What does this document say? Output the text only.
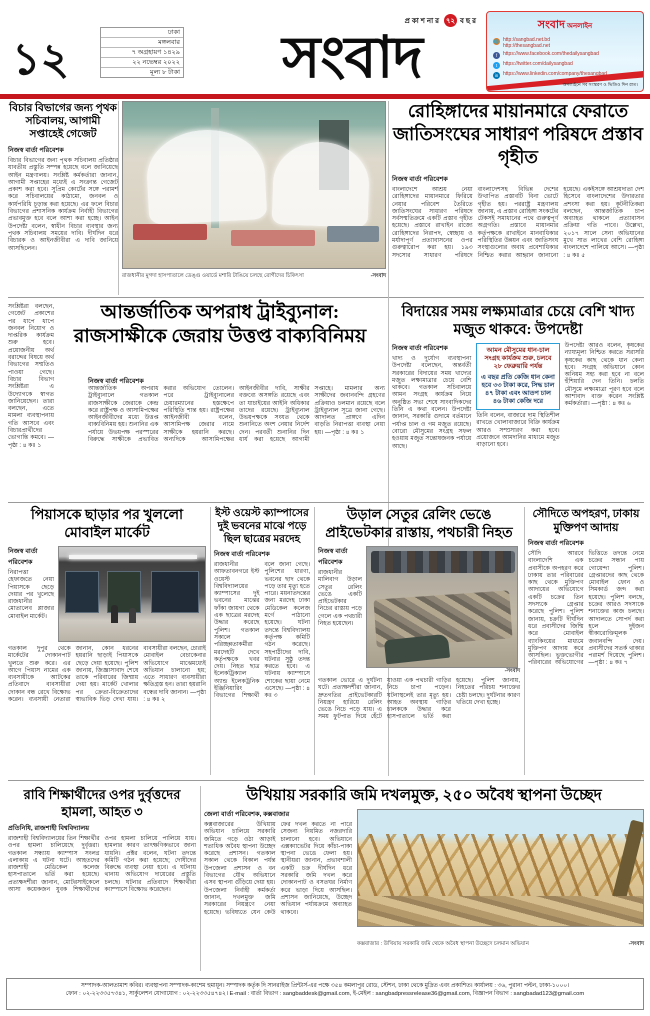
১২
ঢাকা
মঙ্গলবার
৭ অগ্রহায়ণ ১৪২৯
২২ নভেম্বর ২০২২
মূল্য ৮ টাকা
প্রকাশনার ৭২ বছর
সংবাদ	সংবাদ অনলাইন
🌐 http://sangbad.net.bd
http://thesangbad.net
f	https://www.facebook.com/thedailysangbad
t	https://twitter.com/dailysangbad
in https://www.linkedin.com/company/thesangbad
অনলাইনে সব সংস্করণ ও ভিডিও দিন রাত।
বিচার বিভাগের জন্য পৃথক সচিবালয়, আগামী সপ্তাহেই গেজেট
নিজস্ব বার্তা পরিবেশক
বিচার বিভাগের জন্য পৃথক সচিবালয় প্রতিষ্ঠার যাবতীয় প্রস্তুতি সম্পন্ন হয়েছে বলে জানিয়েছে আইন মন্ত্রণালয়। সংশ্লিষ্ট কর্মকর্তারা জানান, আগামী সপ্তাহের মধ্যেই এ সংক্রান্ত গেজেট প্রকাশ করা হবে। সুপ্রিম কোর্টের সঙ্গে পরামর্শ করে সচিবালয়ের কাঠামো, জনবল ও কার্যপরিধি চূড়ান্ত করা হয়েছে। এর ফলে বিচার বিভাগের প্রশাসনিক কার্যক্রম নির্বাহী বিভাগের প্রভাবমুক্ত হবে বলে আশা করা হচ্ছে। আইন উপদেষ্টা বলেন, স্বাধীন বিচার ব্যবস্থার জন্য পৃথক সচিবালয় সময়ের দাবি। দীর্ঘদিন ধরে বিচারক ও আইনজীবীরা এ দাবি জানিয়ে আসছিলেন।
সংশ্লিষ্টরা বলছেন, গেজেট প্রকাশের পর ধাপে ধাপে জনবল নিয়োগ ও দাপ্তরিক কার্যক্রম শুরু হবে। প্রয়োজনীয় অর্থ বরাদ্দের বিষয়ে অর্থ বিভাগের সম্মতিও পাওয়া গেছে। বিচার বিভাগ সংশ্লিষ্টরা এ উদ্যোগকে স্বাগত জানিয়েছেন। তারা বলছেন, এতে মামলা ব্যবস্থাপনায় গতি আসবে এবং বিচারপ্রার্থীদের ভোগান্তি কমবে। —পৃষ্ঠা : ৪ কঃ ১
রাজধানীর মুগদা হাসপাতালে ডেঙ্গু ওয়ার্ডে মশারি টাঙিয়ে চলছে রোগীদের চিকিৎসা	-সংবাদ
রোহিঙ্গাদের মায়ানমারে ফেরাতে জাতিসংঘের সাধারণ পরিষদে প্রস্তাব গৃহীত
নিজস্ব বার্তা পরিবেশক
বাংলাদেশে আশ্রয় নেয়া রোহিঙ্গাদের মায়ানমারে ফিরিয়ে নেয়ার পরিবেশ তৈরিতে জাতিসংঘের সাধারণ পরিষদে সর্বসম্মতিক্রমে একটি প্রস্তাব গৃহীত হয়েছে। প্রস্তাবে রাখাইন রাজ্যে রোহিঙ্গাদের নিরাপদ, স্বেচ্ছায় ও মর্যাদাপূর্ণ প্রত্যাবাসনের ওপর গুরুত্বারোপ করা হয়। ১৯৩ সদস্যের সাধারণ পরিষদে বাংলাদেশসহ বিভিন্ন দেশের উত্থাপিত প্রস্তাবটি বিনা ভোটে গৃহীত হয়। পররাষ্ট্র মন্ত্রণালয় জানায়, এ প্রস্তাব রোহিঙ্গা সংকটের টেকসই সমাধানের পথে গুরুত্বপূর্ণ অগ্রগতি। প্রস্তাবে মায়ানমার কর্তৃপক্ষকে রাখাইনে মানবাধিকার পরিস্থিতির উন্নয়ন এবং জাতিসংঘ সংস্থাগুলোর অবাধ প্রবেশাধিকার নিশ্চিত করার আহ্বান জানানো হয়েছে। একইসঙ্গে আশ্রয়দাতা দেশ হিসেবে বাংলাদেশের উদারতার প্রশংসা করা হয়। কূটনীতিকরা বলছেন, আন্তর্জাতিক চাপ অব্যাহত থাকলে প্রত্যাবাসন প্রক্রিয়া গতি পাবে। উল্লেখ্য, ২০১৭ সালে সেনা অভিযানের মুখে সাত লাখের বেশি রোহিঙ্গা বাংলাদেশে পালিয়ে আসে। —পৃষ্ঠা : ৪ কঃ ৫
আন্তর্জাতিক অপরাধ ট্রাইব্যুনাল: রাজসাক্ষীকে জেরায় উত্তপ্ত বাক্যবিনিময়
নিজস্ব বার্তা পরিবেশক
আন্তর্জাতিক অপরাধ ট্রাইব্যুনালে গতকাল রাজসাক্ষীকে জেরাকে কেন্দ্র করে রাষ্ট্রপক্ষ ও আসামিপক্ষের আইনজীবীদের মধ্যে উত্তপ্ত বাক্যবিনিময় হয়। শুনানির এক পর্যায়ে উভয়পক্ষ পরস্পরের বিরুদ্ধে সাক্ষীকে প্রভাবিত করার অভিযোগ তোলেন। পরে ট্রাইব্যুনালের চেয়ারম্যানের হস্তক্ষেপে পরিস্থিতি শান্ত হয়। রাষ্ট্রপক্ষের আইনজীবী বলেন, আসামিপক্ষ জেরার নামে সাক্ষীকে হয়রানি করছে। অন্যদিকে আসামিপক্ষের আইনজীবীর দাবি, সাক্ষীর বক্তব্যে অসঙ্গতি রয়েছে এবং তা যাচাইয়ের আইনি অধিকার তাদের রয়েছে। ট্রাইব্যুনাল উভয়পক্ষকে সংযত থেকে শুনানিতে অংশ নেয়ার নির্দেশ দেন। পরবর্তী শুনানির দিন ধার্য করা হয়েছে আগামী সপ্তাহে। মামলার অন্য সাক্ষীদের জবানবন্দি গ্রহণের প্রক্রিয়াও চলমান রয়েছে বলে ট্রাইব্যুনাল সূত্রে জানা গেছে। আদালত প্রাঙ্গণে এদিন বাড়তি নিরাপত্তা ব্যবস্থা নেয়া হয়। —পৃষ্ঠা : ৪ কঃ ১
বিদায়ের সময় লক্ষ্যমাত্রার চেয়ে বেশি খাদ্য মজুত থাকবে: উপদেষ্টা
নিজস্ব বার্তা পরিবেশক
খাদ্য ও দুর্যোগ ব্যবস্থাপনা উপদেষ্টা বলেছেন, অন্তর্বর্তী সরকারের বিদায়ের সময় খাদ্যের মজুত লক্ষ্যমাত্রার চেয়ে বেশি থাকবে। গতকাল সচিবালয়ে আমন সংগ্রহ কার্যক্রম নিয়ে অনুষ্ঠিত সভা শেষে সাংবাদিকদের তিনি এ কথা বলেন। উপদেষ্টা জানান, সরকারি গুদামে বর্তমানে পর্যাপ্ত চাল ও গম মজুত রয়েছে। বোরো মৌসুমের সংগ্রহ সফল হওয়ায় মজুত সন্তোষজনক পর্যায়ে আছে।
আমন মৌসুমের ধান-চাল সংগ্রহ কার্যক্রম শুরু, চলবে ২৮ ফেব্রুয়ারি পর্যন্ত
এ বছর প্রতি কেজি ধান কেনা হবে ৩৩ টাকা করে, সিদ্ধ চাল ৪৭ টাকা এবং আতপ চাল ৪৬ টাকা কেজি দরে
তিনি বলেন, বাজারে দাম স্থিতিশীল রাখতে খোলাবাজারে বিক্রি কার্যক্রম আরও সম্প্রসারণ করা হবে। প্রয়োজনে আমদানির মাধ্যমে মজুত বাড়ানো হবে।
উপদেষ্টা আরও বলেন, কৃষকের ন্যায্যমূল্য নিশ্চিত করতে সরাসরি কৃষকের কাছ থেকে ধান কেনা হবে। সংগ্রহ অভিযানে কোন অনিয়ম সহ্য করা হবে না বলে হুঁশিয়ারি দেন তিনি। চলতি মৌসুমে লক্ষ্যমাত্রা পূরণ হবে বলে আশাবাদ ব্যক্ত করেন সংশ্লিষ্ট কর্মকর্তারা। —পৃষ্ঠা : ৪ কঃ ৬
পিয়াসকে ছাড়ার পর খুললো মোবাইল মার্কেট
নিজস্ব বার্তা পরিবেশক
নিরাপত্তা হেফাজতে নেয়া পিয়াসকে ছেড়ে দেয়ার পর খুলেছে রাজধানীর মোতালেব প্লাজার মোবাইল মার্কেট।
গতকাল দুপুর থেকে মার্কেটের দোকানপাট খুলতে শুরু করে। এর আগে পিয়াস নামের এক ব্যবসায়ীকে আটকের প্রতিবাদে ব্যবসায়ীরা দোকান বন্ধ রেখে বিক্ষোভ করেন। ব্যবসায়ী নেতারা জানান, কোন ধরনের হয়রানি ছাড়াই পিয়াসকে ছেড়ে দেয়া হয়েছে। পুলিশ জানায়, জিজ্ঞাসাবাদ শেষে তাকে পরিবারের জিম্মায় দেয়া হয়। মার্কেট খোলার পর ক্রেতা-বিক্রেতাদের স্বাভাবিক ভিড় দেখা যায়। ব্যবসায়ীরা বলছেন, চোরাই মোবাইল বেচাকেনার অভিযোগে মাঝেমধ্যেই অভিযান চালানো হয়; এতে সাধারণ ব্যবসায়ীরা ক্ষতিগ্রস্ত হন। তারা হয়রানি বন্ধের দাবি জানান। —পৃষ্ঠা : ৪ কঃ ২
ইস্ট ওয়েস্ট ক্যাম্পাসের দুই ভবনের মাঝে পড়ে ছিল ছাত্রের মরদেহ
নিজস্ব বার্তা পরিবেশক
রাজধানীর আফতাবনগরে ইস্ট ওয়েস্ট বিশ্ববিদ্যালয়ের ক্যাম্পাসের দুই ভবনের মাঝের ফাঁকা জায়গা থেকে এক ছাত্রের মরদেহ উদ্ধার করেছে পুলিশ। গতকাল সকালে পরিচ্ছন্নতাকর্মীরা মরদেহটি দেখে কর্তৃপক্ষকে খবর দেয়। নিহত ছাত্র ইলেকট্রিক্যাল অ্যান্ড ইলেকট্রনিক ইঞ্জিনিয়ারিং বিভাগের শিক্ষার্থী বলে জানা গেছে। পুলিশের ধারণা, ভবনের ছাদ থেকে পড়ে তার মৃত্যু হতে পারে। ময়নাতদন্তের জন্য মরদেহ ঢাকা মেডিকেল কলেজ মর্গে পাঠানো হয়েছে। ঘটনা তদন্তে বিশ্ববিদ্যালয় কর্তৃপক্ষ কমিটি গঠন করেছে। সহপাঠীদের দাবি, ঘটনার সুষ্ঠু তদন্ত করতে হবে। এ ঘটনায় ক্যাম্পাসে শোকের ছায়া নেমে এসেছে। —পৃষ্ঠা : ৪ কঃ ৩
উড়াল সেতুর রেলিং ভেঙে প্রাইভেটকার রাস্তায়, পথচারী নিহত
নিজস্ব বার্তা পরিবেশক
রাজধানীর মালিবাগ উড়াল সেতুর রেলিং ভেঙে একটি প্রাইভেটকার নিচের রাস্তায় পড়ে গেলে এক পথচারী নিহত হয়েছেন।
-সংবাদ
গতকাল ভোরে এ দুর্ঘটনা ঘটে। প্রত্যক্ষদর্শীরা জানান, দ্রুতগতির প্রাইভেটকারটি নিয়ন্ত্রণ হারিয়ে রেলিং ভেঙে নিচে পড়ে যায়। এ সময় ফুটপাত দিয়ে হেঁটে যাওয়া এক পথচারী গাড়ির নিচে চাপা পড়েন। ঘটনাস্থলেই তার মৃত্যু হয়। আহত অবস্থায় গাড়ির চালককে উদ্ধার করে হাসপাতালে ভর্তি করা হয়েছে। পুলিশ জানায়, নিহতের পরিচয় শনাক্তের চেষ্টা চলছে। দুর্ঘটনার কারণ খতিয়ে দেখা হচ্ছে।
সৌদিতে অপহরণ, ঢাকায় মুক্তিপণ আদায়
নিজস্ব বার্তা পরিবেশক
সৌদি আরবে বাংলাদেশি এক প্রবাসীকে অপহরণ করে ঢাকায় তার পরিবারের কাছ থেকে মুক্তিপণ আদায়ের অভিযোগে একটি চক্রের তিন সদস্যকে গ্রেপ্তার করেছে পুলিশ। পুলিশ জানায়, চক্রটি দীর্ঘদিন ধরে প্রবাসীদের জিম্মি করে মোবাইল ব্যাংকিংয়ের মাধ্যমে মুক্তিপণ আদায় করে আসছিল। ভুক্তভোগীর পরিবারের অভিযোগের ভিত্তিতে তদন্তে নেমে চক্রের সন্ধান পায় গোয়েন্দা পুলিশ। গ্রেপ্তারদের কাছ থেকে মোবাইল ফোন ও সিমকার্ড জব্দ করা হয়েছে। পুলিশ বলছে, চক্রের আরও সদস্যকে শনাক্তের কাজ চলছে। আদালতে সোপর্দ করা হলে দুইজন স্বীকারোক্তিমূলক জবানবন্দি দেয়। প্রবাসীদের সতর্ক থাকার পরামর্শ দিয়েছে পুলিশ। —পৃষ্ঠা : ৪ কঃ ৭
রাবি শিক্ষার্থীদের ওপর দুর্বৃত্তদের হামলা, আহত ৩
প্রতিনিধি, রাজশাহী বিশ্ববিদ্যালয়
রাজশাহী বিশ্ববিদ্যালয়ের তিন শিক্ষার্থীর ওপর হামলা চালিয়েছে দুর্বৃত্তরা। গতকাল সন্ধ্যায় ক্যাম্পাস সংলগ্ন এলাকায় এ ঘটনা ঘটে। আহতদের রাজশাহী মেডিকেল কলেজ হাসপাতালে ভর্তি করা হয়েছে। প্রত্যক্ষদর্শীরা জানান, মোটরসাইকেলে আসা কয়েকজন যুবক শিক্ষার্থীদের ওপর হামলা চালিয়ে পালিয়ে যায়। হামলার কারণ তাৎক্ষণিকভাবে জানা যায়নি। প্রক্টর বলেন, ঘটনা তদন্তে কমিটি গঠন করা হয়েছে; দোষীদের বিরুদ্ধে ব্যবস্থা নেয়া হবে। এ ঘটনায় থানায় অভিযোগ দায়েরের প্রস্তুতি চলছে। ঘটনার প্রতিবাদে শিক্ষার্থীরা ক্যাম্পাসে বিক্ষোভ করেছেন।
উখিয়ায় সরকারি জমি দখলমুক্ত, ২৫০ অবৈধ স্থাপনা উচ্ছেদ
জেলা বার্তা পরিবেশক, কক্সবাজার
কক্সবাজারের উখিয়ায় অভিযান চালিয়ে সরকারি জমিতে গড়ে ওঠা আড়াই শতাধিক অবৈধ স্থাপনা উচ্ছেদ করেছে প্রশাসন। গতকাল সকাল থেকে বিকাল পর্যন্ত উপজেলা প্রশাসন ও বন বিভাগের যৌথ অভিযানে এসব স্থাপনা গুঁড়িয়ে দেয়া হয়। উপজেলা নির্বাহী কর্মকর্তা জানান, দখলমুক্ত জমি সরকারের নিয়ন্ত্রণে নেয়া হয়েছে। ভবিষ্যতে যেন কেউ ফের দখল করতে না পারে সেজন্য নিয়মিত নজরদারি চালানো হবে। অভিযানে এক্সক্যাভেটর দিয়ে কাঁচা-পাকা স্থাপনা ভেঙে ফেলা হয়। স্থানীয়রা জানান, প্রভাবশালী একটি চক্র দীর্ঘদিন ধরে সরকারি জমি দখল করে দোকানপাট ও বসতঘর নির্মাণ করে ভাড়া দিয়ে আসছিল। প্রশাসন জানিয়েছে, উচ্ছেদ অভিযান পর্যায়ক্রমে অব্যাহত থাকবে।
কক্সবাজার : উখিয়ায় সরকারি জমি থেকে অবৈধ স্থাপনা উচ্ছেদে চলমান অভিযান	-সংবাদ
সম্পাদক-আলতামাশ কবির। ব্যবস্থাপনা সম্পাদক-কাশেম হুমায়ূন। সম্পাদক কর্তৃক দি সানরাইজ প্রিন্টার্স-এর পক্ষে ৩৫৪ কমলাপুর রোড, স্টেশন, ঢাকা থেকে মুদ্রিত এবং প্রকাশিত। কার্যালয় : ৩৬, পুরানা পল্টন, ঢাকা-১০০০।
ফোন : ০২-২২৩৩৫৭৩৪১, সার্কুলেশন যোগাযোগ : ০২-২২৩৩৫৪৭৪২। E-mail : বার্তা বিভাগ : sangbaddesk@gmail.com, ই-মেইল : sangbadpressrelease36@gmail.com, বিজ্ঞাপন বিভাগ : sangbadad123@gmail.com
